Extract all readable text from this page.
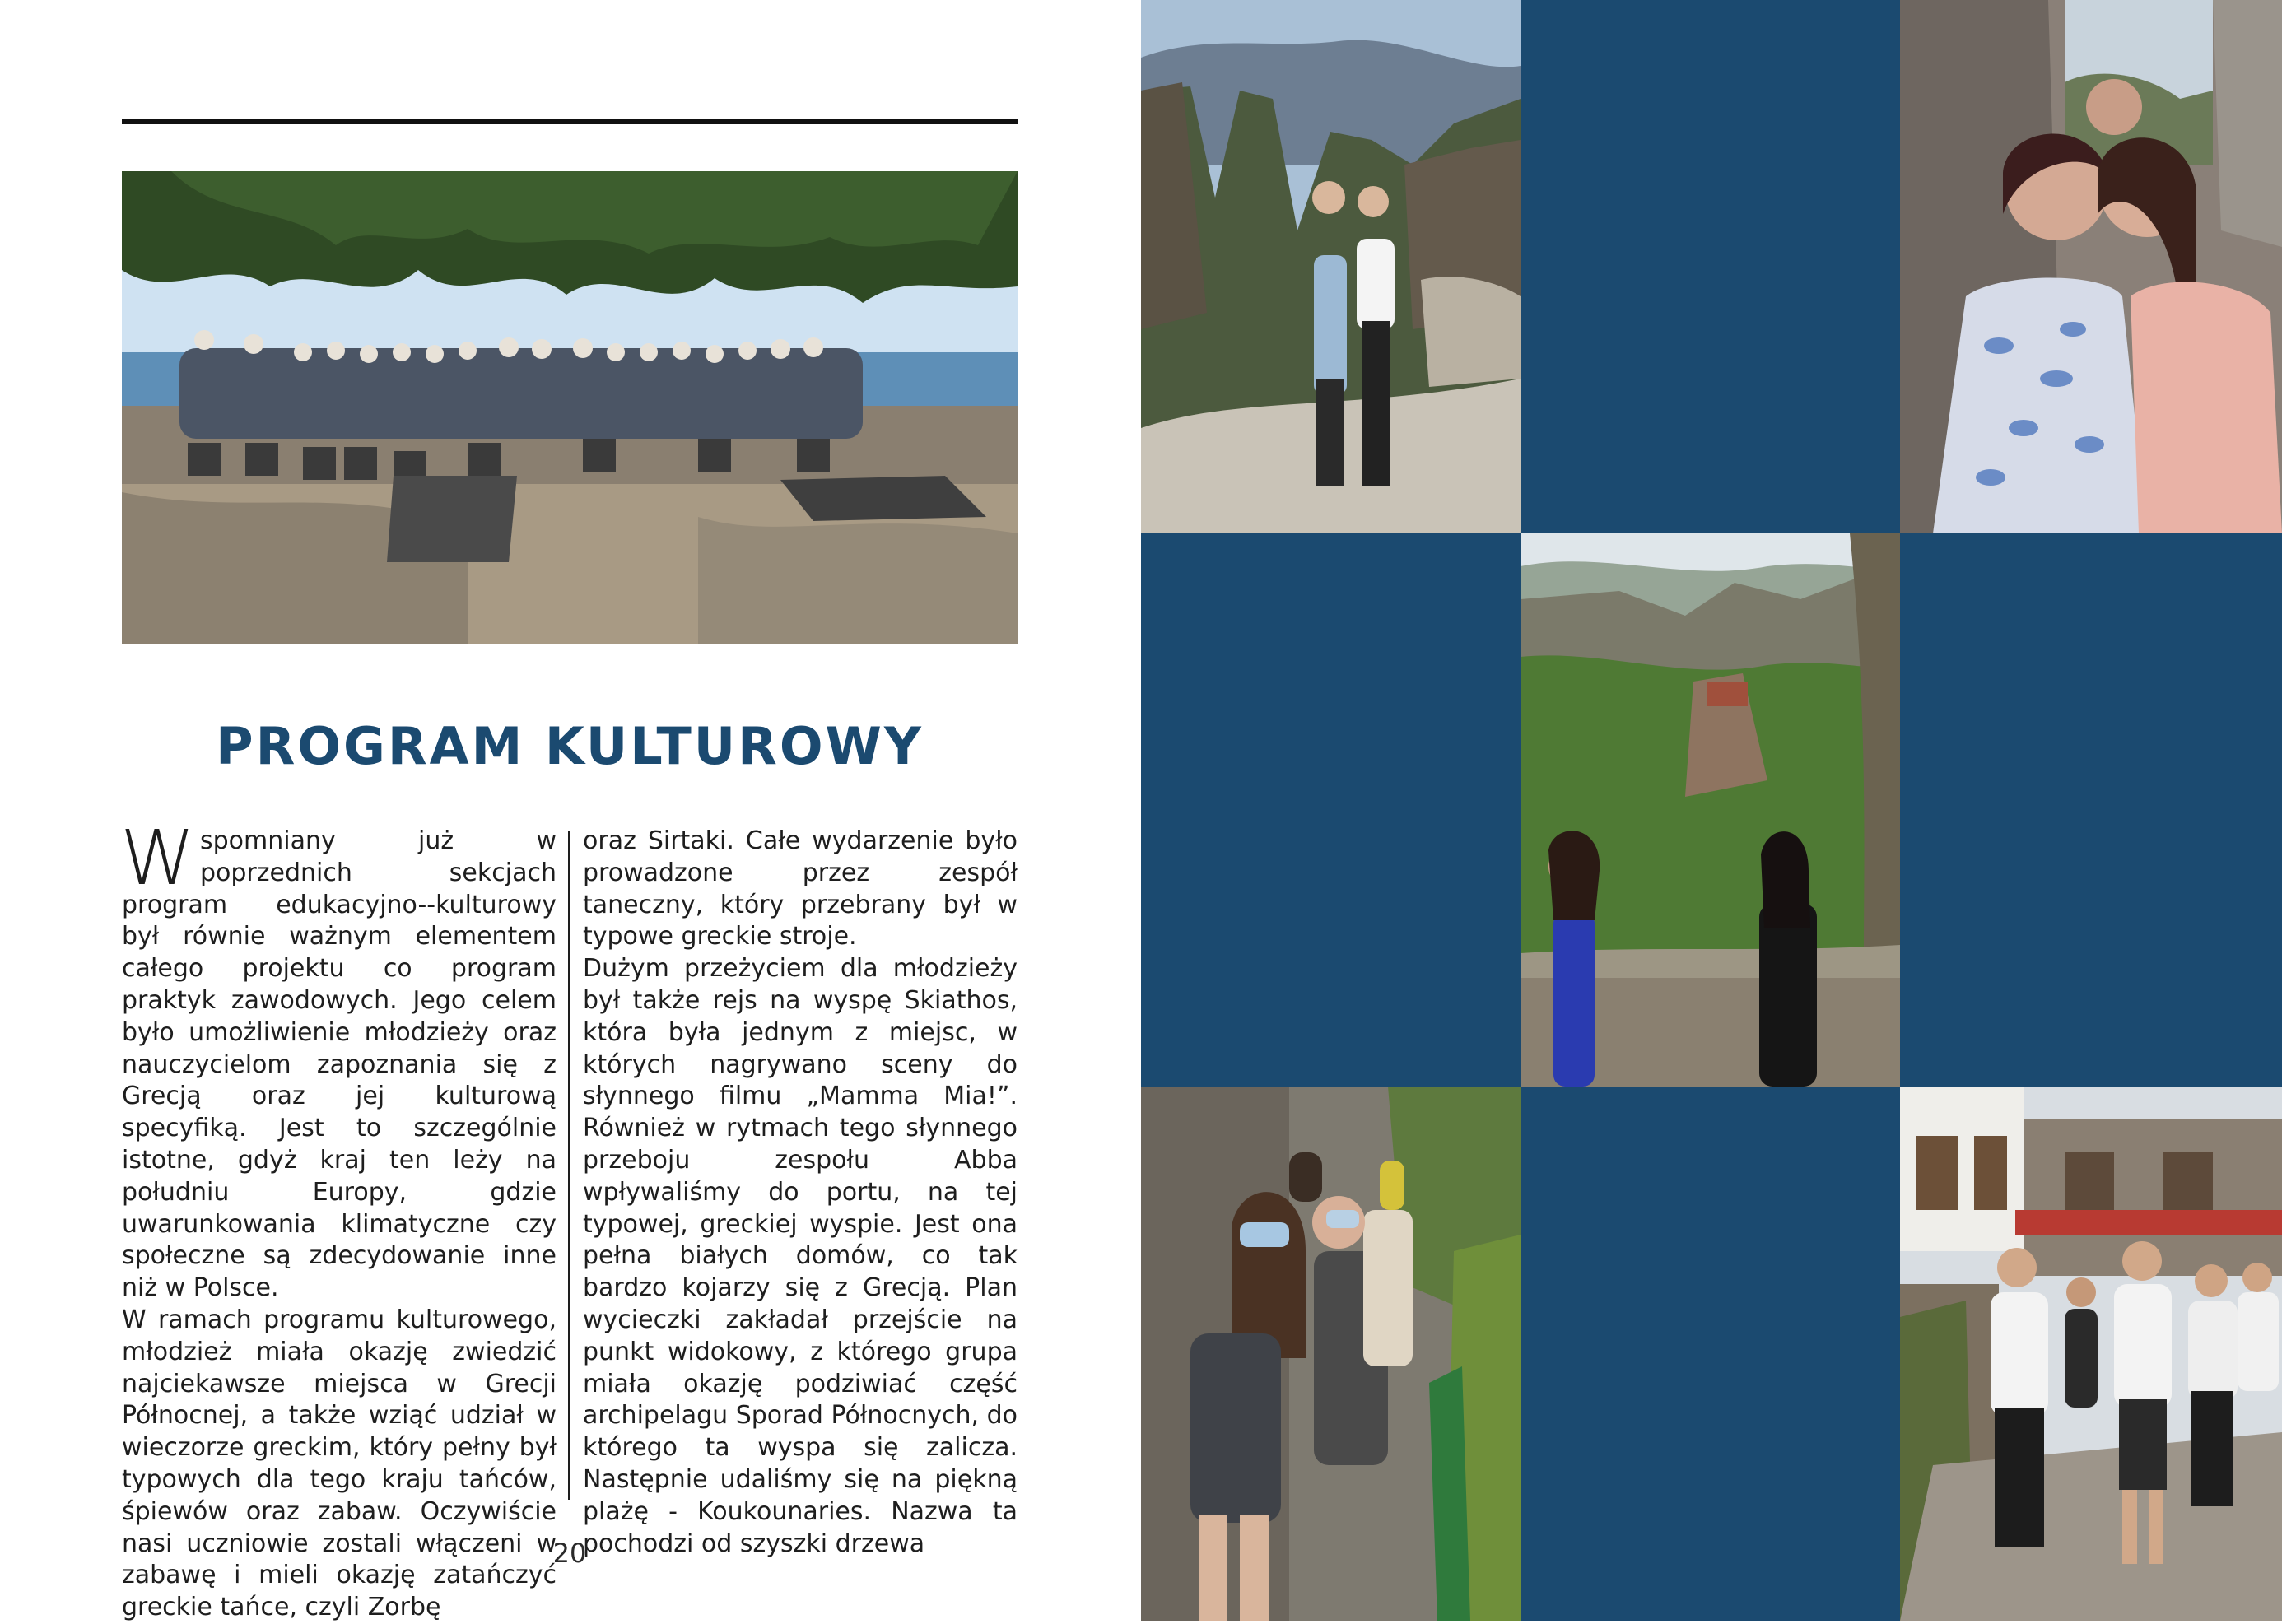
PROGRAM KULTUROWY

Wspomniany już w poprzednich sekcjach program edukacyjno--kulturowy był równie ważnym elementem całego projektu co program praktyk zawodowych. Jego celem było umożliwienie młodzieży oraz nauczycielom zapoznania się z Grecją oraz jej kulturową specyfiką. Jest to szczególnie istotne, gdyż kraj ten leży na południu Europy, gdzie uwarunkowania klimatyczne czy społeczne są zdecydowanie inne niż w Polsce.

W ramach programu kulturowego, młodzież miała okazję zwiedzić najciekawsze miejsca w Grecji Północnej, a także wziąć udział w wieczorze greckim, który pełny był typowych dla tego kraju tańców, śpiewów oraz zabaw. Oczywiście nasi uczniowie zostali włączeni w zabawę i mieli okazję zatańczyć greckie tańce, czyli Zorbę

oraz Sirtaki. Całe wydarzenie było prowadzone przez zespół taneczny, który przebrany był w typowe greckie stroje.

Dużym przeżyciem dla młodzieży był także rejs na wyspę Skiathos, która była jednym z miejsc, w których nagrywano sceny do słynnego filmu „Mamma Mia!”. Również w rytmach tego słynnego przeboju zespołu Abba wpływaliśmy do portu, na tej typowej, greckiej wyspie. Jest ona pełna białych domów, co tak bardzo kojarzy się z Grecją. Plan wycieczki zakładał przejście na punkt widokowy, z którego grupa miała okazję podziwiać część archipelagu Sporad Północnych, do którego ta wyspa się zalicza. Następnie udaliśmy się na piękną plażę - Koukounaries. Nazwa ta pochodzi od szyszki drzewa

20
